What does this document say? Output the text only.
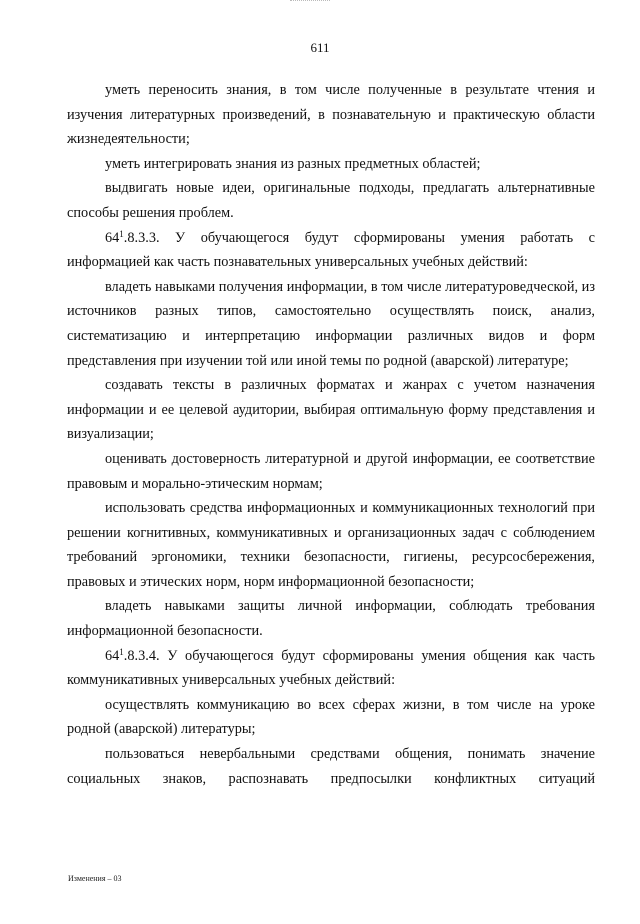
611

уметь переносить знания, в том числе полученные в результате чтения и изучения литературных произведений, в познавательную и практическую области жизнедеятельности;

уметь интегрировать знания из разных предметных областей;

выдвигать новые идеи, оригинальные подходы, предлагать альтернативные способы решения проблем.

$64^1.8.3.3$. У обучающегося будут сформированы умения работать с информацией как часть познавательных универсальных учебных действий:

владеть навыками получения информации, в том числе литературоведческой, из источников разных типов, самостоятельно осуществлять поиск, анализ, систематизацию и интерпретацию информации различных видов и форм представления при изучении той или иной темы по родной (аварской) литературе;

создавать тексты в различных форматах и жанрах с учетом назначения информации и ее целевой аудитории, выбирая оптимальную форму представления и визуализации;

оценивать достоверность литературной и другой информации, ее соответствие правовым и морально-этическим нормам;

использовать средства информационных и коммуникационных технологий при решении когнитивных, коммуникативных и организационных задач с соблюдением требований эргономики, техники безопасности, гигиены, ресурсосбережения, правовых и этических норм, норм информационной безопасности;

владеть навыками защиты личной информации, соблюдать требования информационной безопасности.

$64^1.8.3.4$. У обучающегося будут сформированы умения общения как часть коммуникативных универсальных учебных действий:

осуществлять коммуникацию во всех сферах жизни, в том числе на уроке родной (аварской) литературы;

пользоваться невербальными средствами общения, понимать значение социальных знаков, распознавать предпосылки конфликтных ситуаций

Изменения – 03
